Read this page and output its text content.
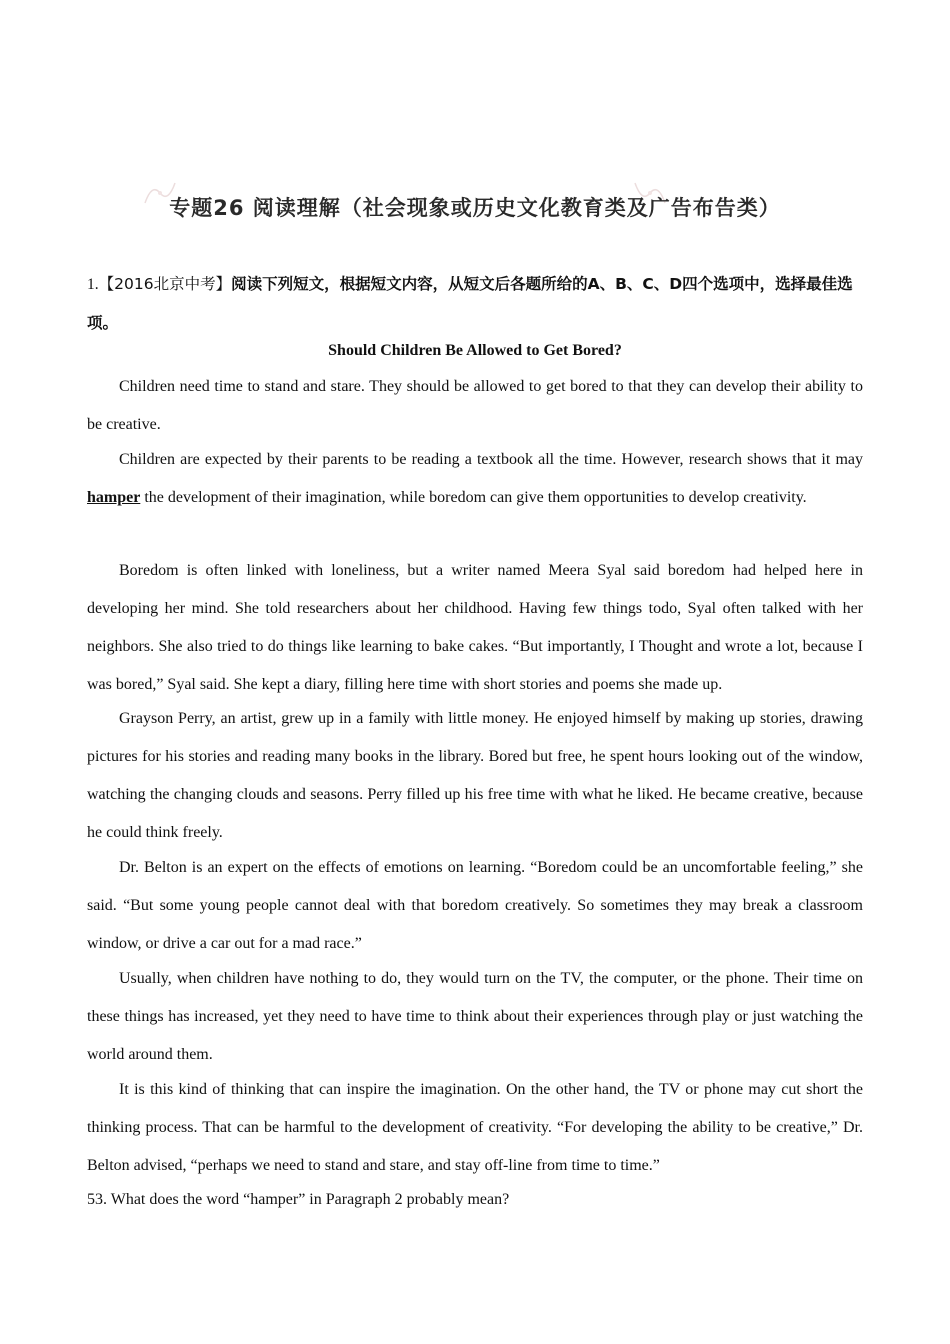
专题26 阅读理解（社会现象或历史文化教育类及广告布告类）
1.【2016北京中考】阅读下列短文，根据短文内容，从短文后各题所给的A、B、C、D四个选项中，选择最佳选项。
Should Children Be Allowed to Get Bored?
Children need time to stand and stare. They should be allowed to get bored to that they can develop their ability to be creative.
Children are expected by their parents to be reading a textbook all the time. However, research shows that it may hamper the development of their imagination, while boredom can give them opportunities to develop creativity.
Boredom is often linked with loneliness, but a writer named Meera Syal said boredom had helped here in developing her mind. She told researchers about her childhood. Having few things todo, Syal often talked with her neighbors. She also tried to do things like learning to bake cakes. “But importantly, I Thought and wrote a lot, because I was bored,” Syal said. She kept a diary, filling here time with short stories and poems she made up.
Grayson Perry, an artist, grew up in a family with little money. He enjoyed himself by making up stories, drawing pictures for his stories and reading many books in the library. Bored but free, he spent hours looking out of the window, watching the changing clouds and seasons. Perry filled up his free time with what he liked. He became creative, because he could think freely.
Dr. Belton is an expert on the effects of emotions on learning. “Boredom could be an uncomfortable feeling,” she said. “But some young people cannot deal with that boredom creatively. So sometimes they may break a classroom window, or drive a car out for a mad race.”
Usually, when children have nothing to do, they would turn on the TV, the computer, or the phone. Their time on these things has increased, yet they need to have time to think about their experiences through play or just watching the world around them.
It is this kind of thinking that can inspire the imagination. On the other hand, the TV or phone may cut short the thinking process. That can be harmful to the development of creativity. “For developing the ability to be creative,” Dr. Belton advised, “perhaps we need to stand and stare, and stay off-line from time to time.”
53. What does the word “hamper” in Paragraph 2 probably mean?
